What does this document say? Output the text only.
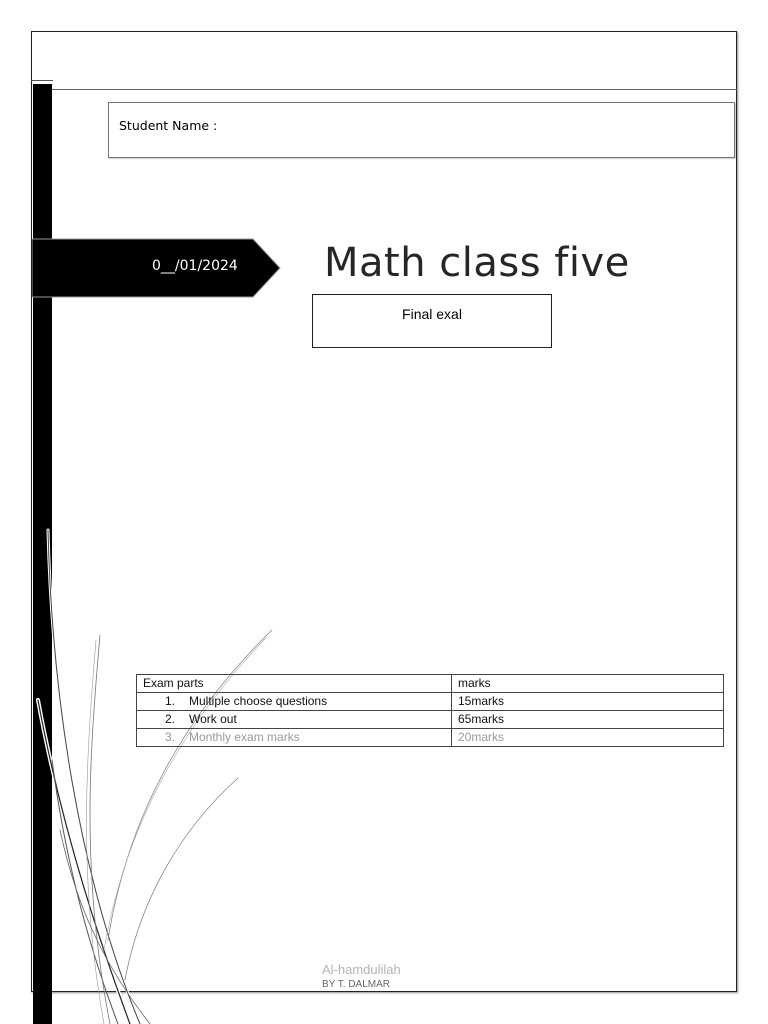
Student Name :
0__/01/2024	Math class five
Final exal
Exam parts	marks
1. Multiple choose questions	15marks
2. Work out	65marks
3. Monthly exam marks	20marks
Al-hamdulilah
BY T. DALMAR
